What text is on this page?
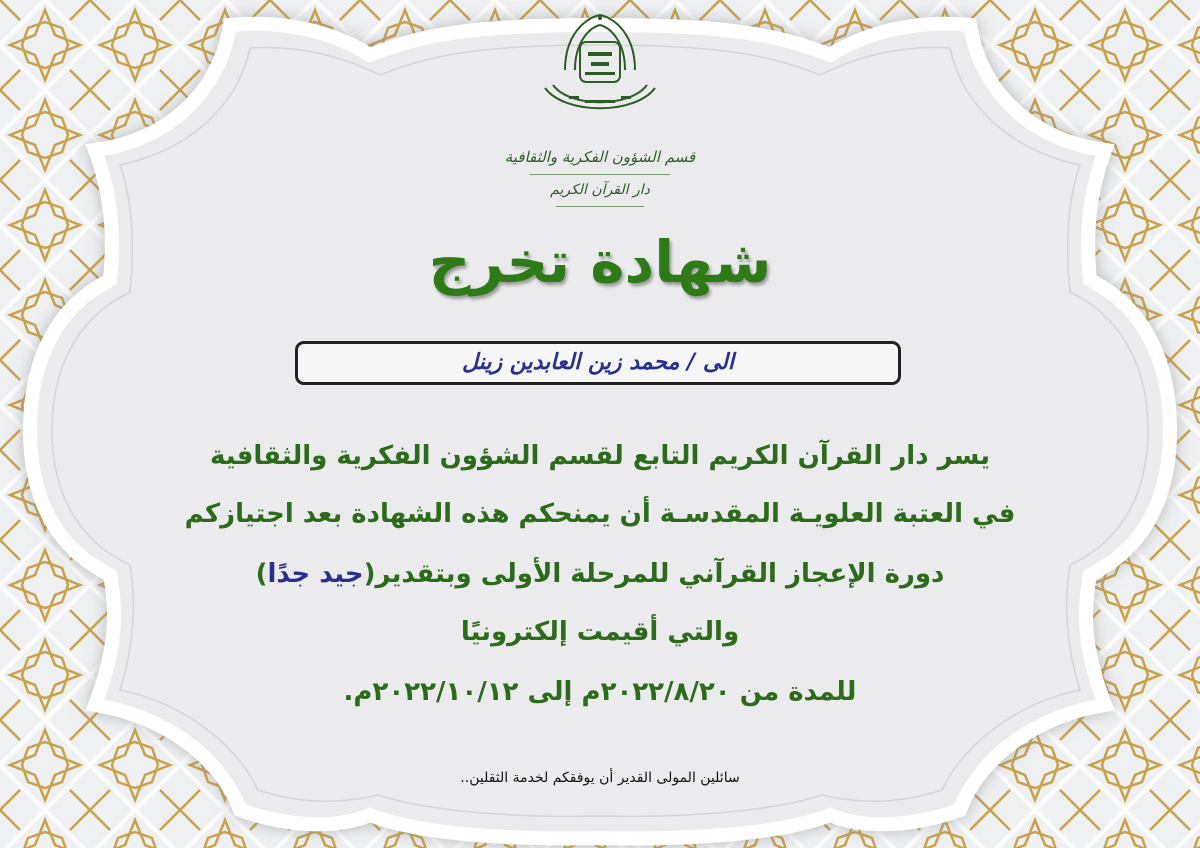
قسم الشؤون الفكرية والثقافية
دار القرآن الكريم
شهادة تخرج
الى / محمد زين العابدين زينل
يسر دار القرآن الكريم التابع لقسم الشؤون الفكرية والثقافية
في العتبة العلويـة المقدسـة أن يمنحكم هذه الشهادة بعد اجتيازكم
دورة الإعجاز القرآني للمرحلة الأولى وبتقدير(جيد جدًا)
والتي أقيمت إلكترونيًا
للمدة من ٢٠٢٢/٨/٢٠م إلى ٢٠٢٢/١٠/١٢م.
سائلين المولى القدير أن يوفقكم لخدمة الثقلين..
